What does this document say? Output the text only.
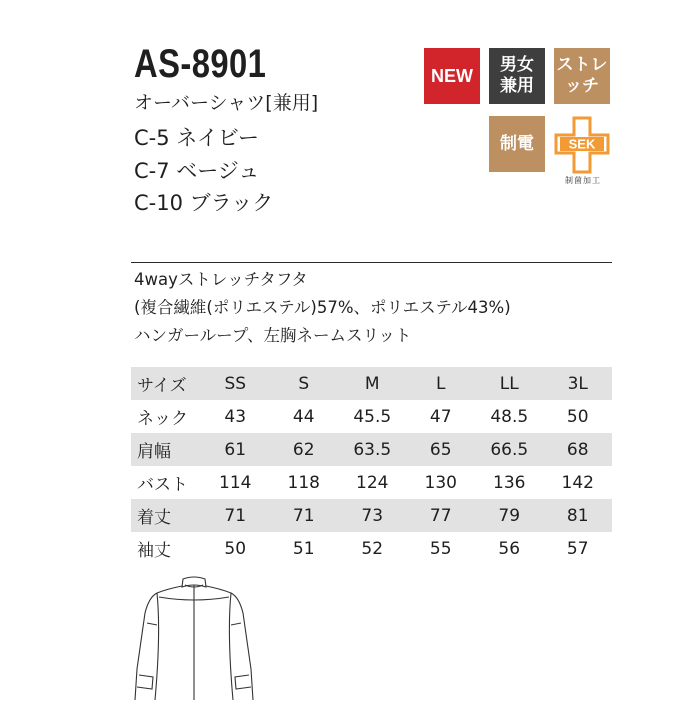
AS-8901
オーバーシャツ[兼用]
C-5 ネイビー
C-7 ベージュ
C-10 ブラック
NEW
男女
兼用
ストレ
ッチ
制電	SEK
制菌加工
4wayストレッチタフタ
(複合繊維(ポリエステル)57%、ポリエステル43%)
ハンガーループ、左胸ネームスリット
サイズ	SS	S	M	L	LL	3L
ネック	43	44	45.5	47	48.5	50
肩幅	61	62	63.5	65	66.5	68
バスト	114	118	124	130	136	142
着丈	71	71	73	77	79	81
袖丈	50	51	52	55	56	57
